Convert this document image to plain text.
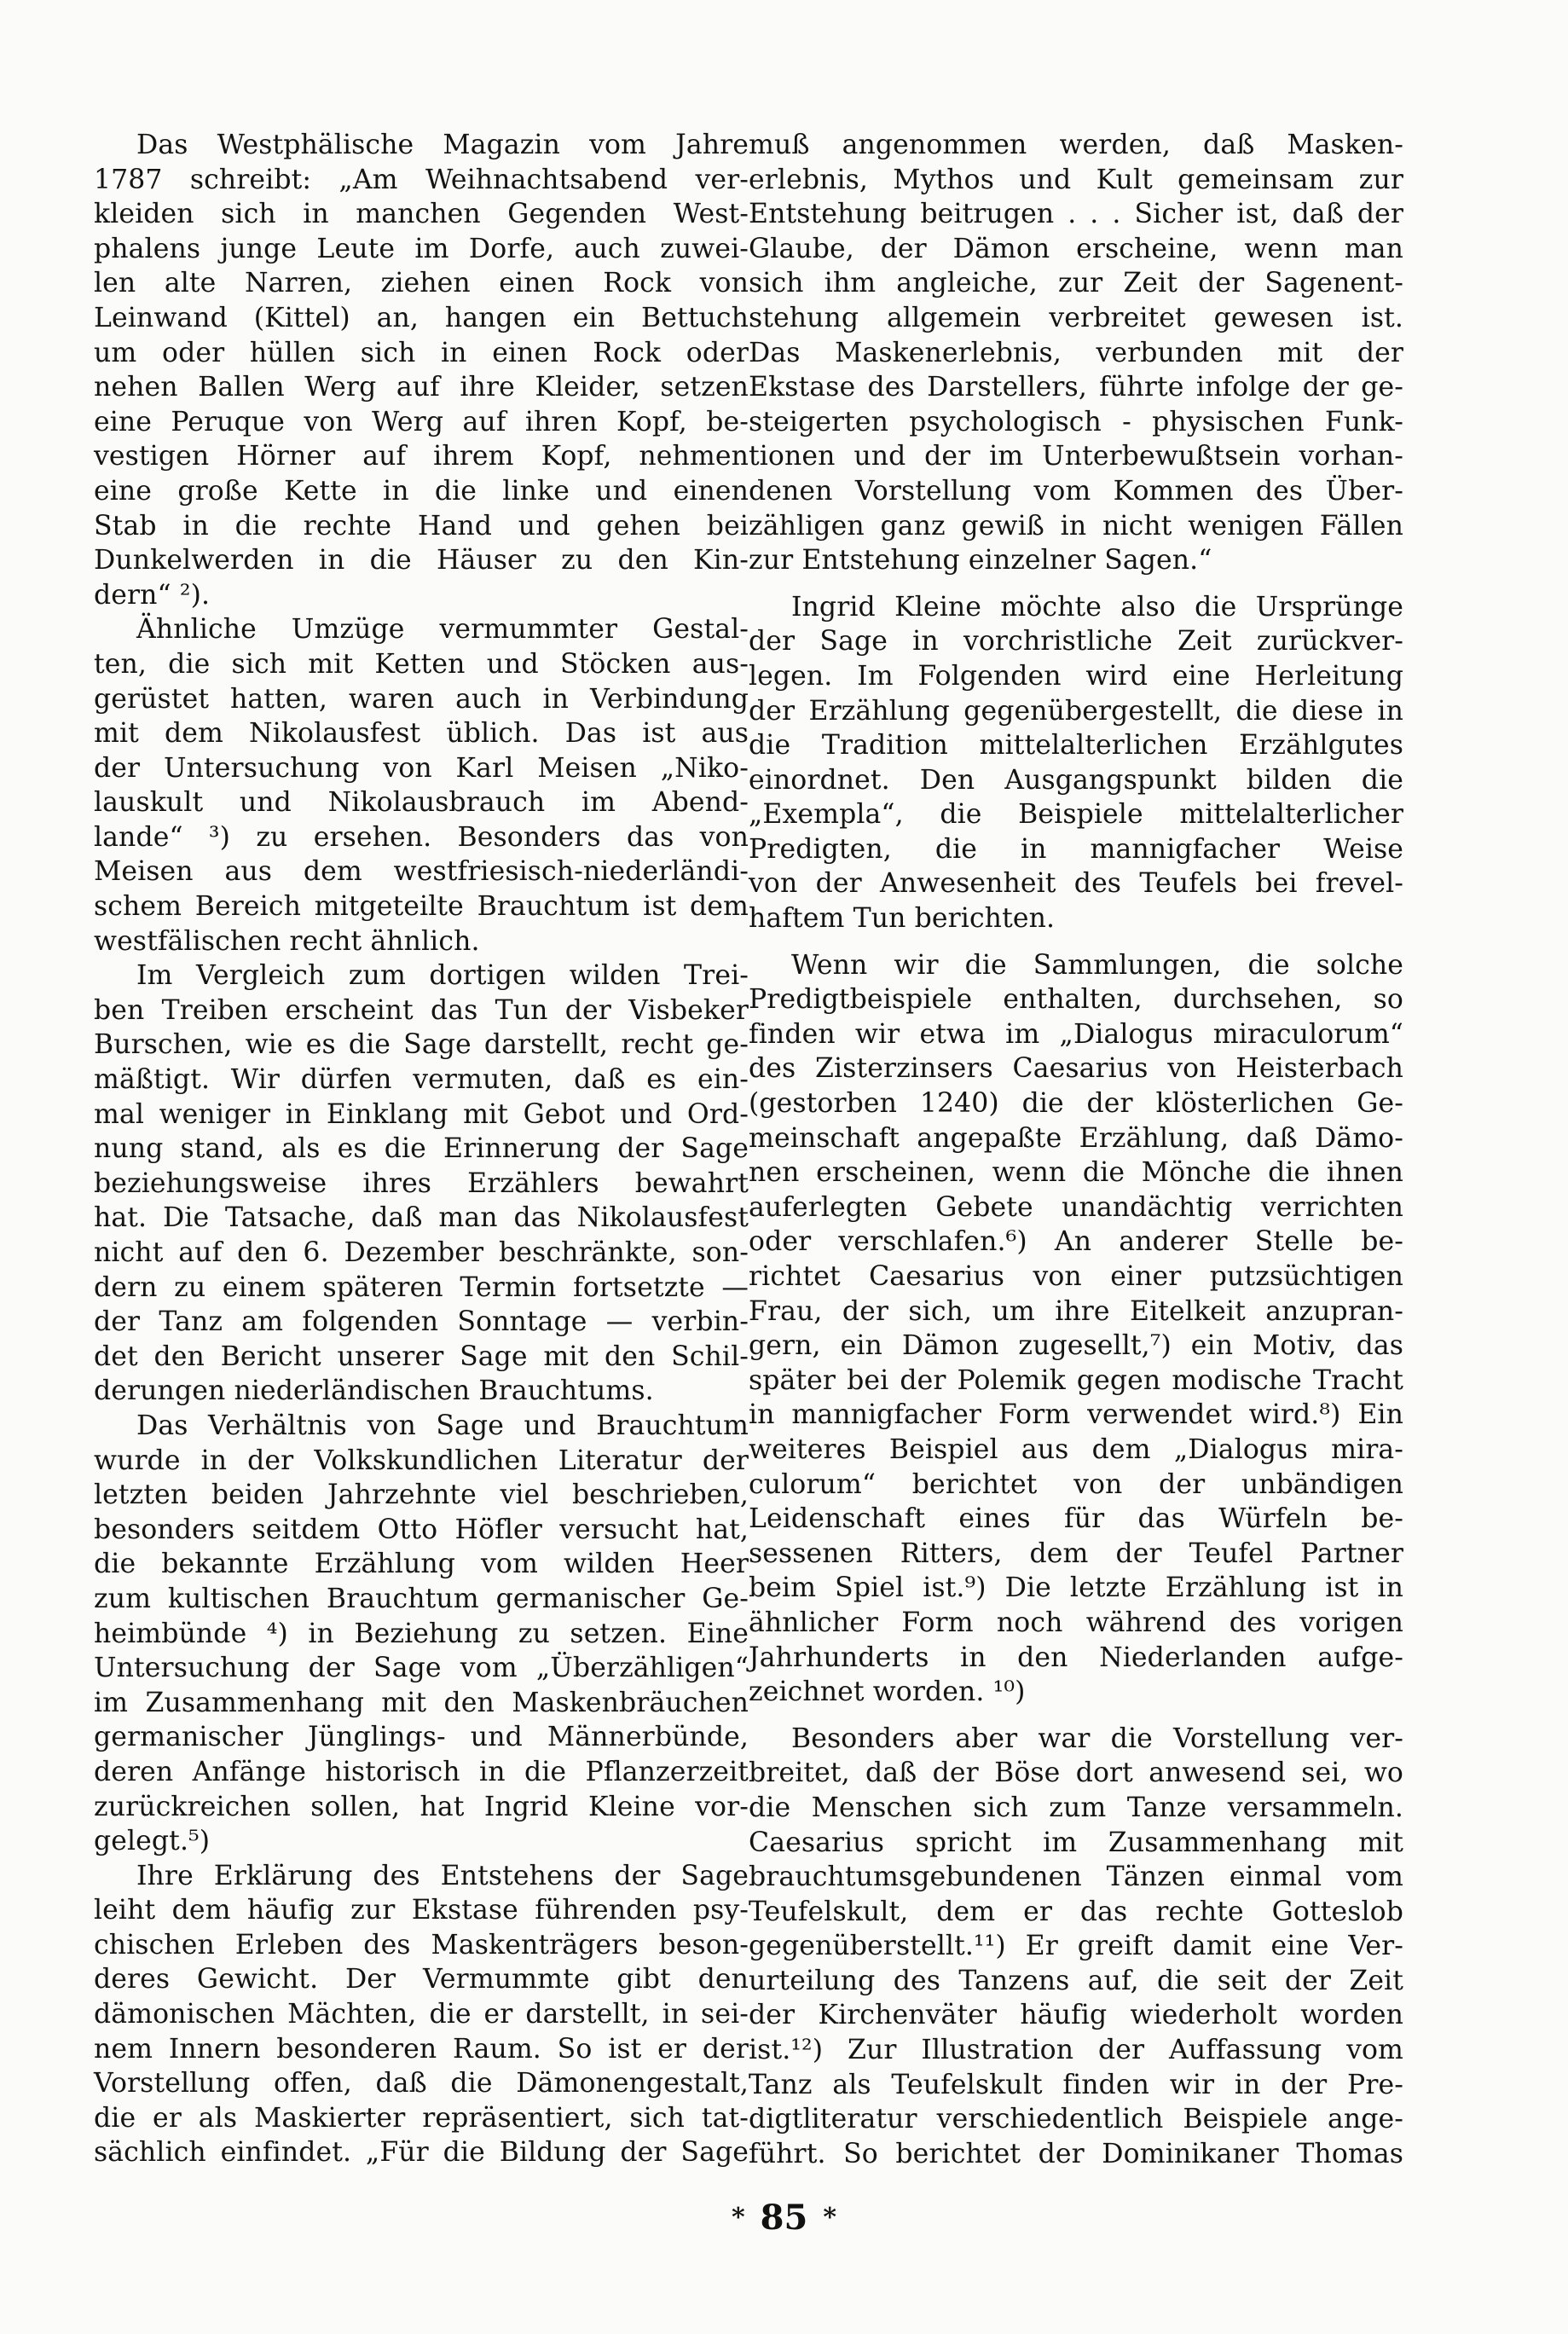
Das Westphälische Magazin vom Jahre
1787 schreibt: „Am Weihnachtsabend ver-
kleiden sich in manchen Gegenden West-
phalens junge Leute im Dorfe, auch zuwei-
len alte Narren, ziehen einen Rock von
Leinwand (Kittel) an, hangen ein Bettuch
um oder hüllen sich in einen Rock oder
nehen Ballen Werg auf ihre Kleider, setzen
eine Peruque von Werg auf ihren Kopf, be-
vestigen Hörner auf ihrem Kopf, nehmen
eine große Kette in die linke und einen
Stab in die rechte Hand und gehen bei
Dunkelwerden in die Häuser zu den Kin-
dern“ ²).
Ähnliche Umzüge vermummter Gestal-
ten, die sich mit Ketten und Stöcken aus-
gerüstet hatten, waren auch in Verbindung
mit dem Nikolausfest üblich. Das ist aus
der Untersuchung von Karl Meisen „Niko-
lauskult und Nikolausbrauch im Abend-
lande“ ³) zu ersehen. Besonders das von
Meisen aus dem westfriesisch-niederländi-
schem Bereich mitgeteilte Brauchtum ist dem
westfälischen recht ähnlich.
Im Vergleich zum dortigen wilden Trei-
ben Treiben erscheint das Tun der Visbeker
Burschen, wie es die Sage darstellt, recht ge-
mäßtigt. Wir dürfen vermuten, daß es ein-
mal weniger in Einklang mit Gebot und Ord-
nung stand, als es die Erinnerung der Sage
beziehungsweise ihres Erzählers bewahrt
hat. Die Tatsache, daß man das Nikolausfest
nicht auf den 6. Dezember beschränkte, son-
dern zu einem späteren Termin fortsetzte —
der Tanz am folgenden Sonntage — verbin-
det den Bericht unserer Sage mit den Schil-
derungen niederländischen Brauchtums.
Das Verhältnis von Sage und Brauchtum
wurde in der Volkskundlichen Literatur der
letzten beiden Jahrzehnte viel beschrieben,
besonders seitdem Otto Höfler versucht hat,
die bekannte Erzählung vom wilden Heer
zum kultischen Brauchtum germanischer Ge-
heimbünde ⁴) in Beziehung zu setzen. Eine
Untersuchung der Sage vom „Überzähligen“
im Zusammenhang mit den Maskenbräuchen
germanischer Jünglings- und Männerbünde,
deren Anfänge historisch in die Pflanzerzeit
zurückreichen sollen, hat Ingrid Kleine vor-
gelegt.⁵)
Ihre Erklärung des Entstehens der Sage
leiht dem häufig zur Ekstase führenden psy-
chischen Erleben des Maskenträgers beson-
deres Gewicht. Der Vermummte gibt den
dämonischen Mächten, die er darstellt, in sei-
nem Innern besonderen Raum. So ist er der
Vorstellung offen, daß die Dämonengestalt,
die er als Maskierter repräsentiert, sich tat-
sächlich einfindet. „Für die Bildung der Sage
muß angenommen werden, daß Masken-
erlebnis, Mythos und Kult gemeinsam zur
Entstehung beitrugen . . . Sicher ist, daß der
Glaube, der Dämon erscheine, wenn man
sich ihm angleiche, zur Zeit der Sagenent-
stehung allgemein verbreitet gewesen ist.
Das Maskenerlebnis, verbunden mit der
Ekstase des Darstellers, führte infolge der ge-
steigerten psychologisch - physischen Funk-
tionen und der im Unterbewußtsein vorhan-
denen Vorstellung vom Kommen des Über-
zähligen ganz gewiß in nicht wenigen Fällen
zur Entstehung einzelner Sagen.“
Ingrid Kleine möchte also die Ursprünge
der Sage in vorchristliche Zeit zurückver-
legen. Im Folgenden wird eine Herleitung
der Erzählung gegenübergestellt, die diese in
die Tradition mittelalterlichen Erzählgutes
einordnet. Den Ausgangspunkt bilden die
„Exempla“, die Beispiele mittelalterlicher
Predigten, die in mannigfacher Weise
von der Anwesenheit des Teufels bei frevel-
haftem Tun berichten.
Wenn wir die Sammlungen, die solche
Predigtbeispiele enthalten, durchsehen, so
finden wir etwa im „Dialogus miraculorum“
des Zisterzinsers Caesarius von Heisterbach
(gestorben 1240) die der klösterlichen Ge-
meinschaft angepaßte Erzählung, daß Dämo-
nen erscheinen, wenn die Mönche die ihnen
auferlegten Gebete unandächtig verrichten
oder verschlafen.⁶) An anderer Stelle be-
richtet Caesarius von einer putzsüchtigen
Frau, der sich, um ihre Eitelkeit anzupran-
gern, ein Dämon zugesellt,⁷) ein Motiv, das
später bei der Polemik gegen modische Tracht
in mannigfacher Form verwendet wird.⁸) Ein
weiteres Beispiel aus dem „Dialogus mira-
culorum“ berichtet von der unbändigen
Leidenschaft eines für das Würfeln be-
sessenen Ritters, dem der Teufel Partner
beim Spiel ist.⁹) Die letzte Erzählung ist in
ähnlicher Form noch während des vorigen
Jahrhunderts in den Niederlanden aufge-
zeichnet worden. ¹⁰)
Besonders aber war die Vorstellung ver-
breitet, daß der Böse dort anwesend sei, wo
die Menschen sich zum Tanze versammeln.
Caesarius spricht im Zusammenhang mit
brauchtumsgebundenen Tänzen einmal vom
Teufelskult, dem er das rechte Gotteslob
gegenüberstellt.¹¹) Er greift damit eine Ver-
urteilung des Tanzens auf, die seit der Zeit
der Kirchenväter häufig wiederholt worden
ist.¹²) Zur Illustration der Auffassung vom
Tanz als Teufelskult finden wir in der Pre-
digtliteratur verschiedentlich Beispiele ange-
führt. So berichtet der Dominikaner Thomas
* 85 *
